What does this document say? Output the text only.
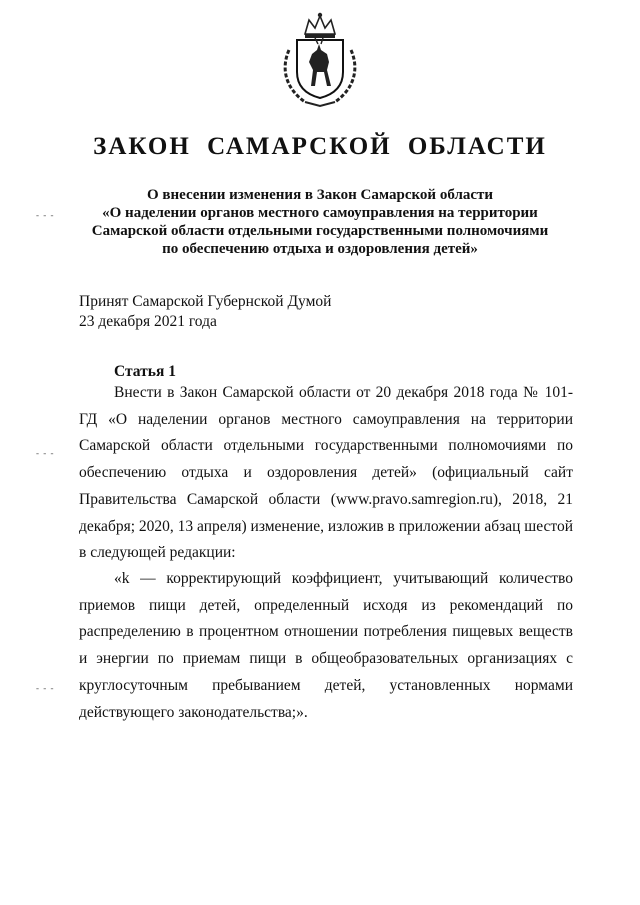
ЗАКОН САМАРСКОЙ ОБЛАСТИ
О внесении изменения в Закон Самарской области
«О наделении органов местного самоуправления на территории
Самарской области отдельными государственными полномочиями
по обеспечению отдыха и оздоровления детей»
Принят Самарской Губернской Думой
23 декабря 2021 года
Статья 1
Внести в Закон Самарской области от 20 декабря 2018 года № 101-ГД «О наделении органов местного самоуправления на территории Самарской области отдельными государственными полномочиями по обеспечению отдыха и оздоровления детей» (официальный сайт Правительства Самарской области (www.pravo.samregion.ru), 2018, 21 декабря; 2020, 13 апреля) изменение, изложив в приложении абзац шестой в следующей редакции:
«k — корректирующий коэффициент, учитывающий количество приемов пищи детей, определенный исходя из рекомендаций по распределению в процентном отношении потребления пищевых веществ и энергии по приемам пищи в общеобразовательных организациях с круглосуточным пребыванием детей, установленных нормами действующего законодательства;».
- - -
- - -
- - -
